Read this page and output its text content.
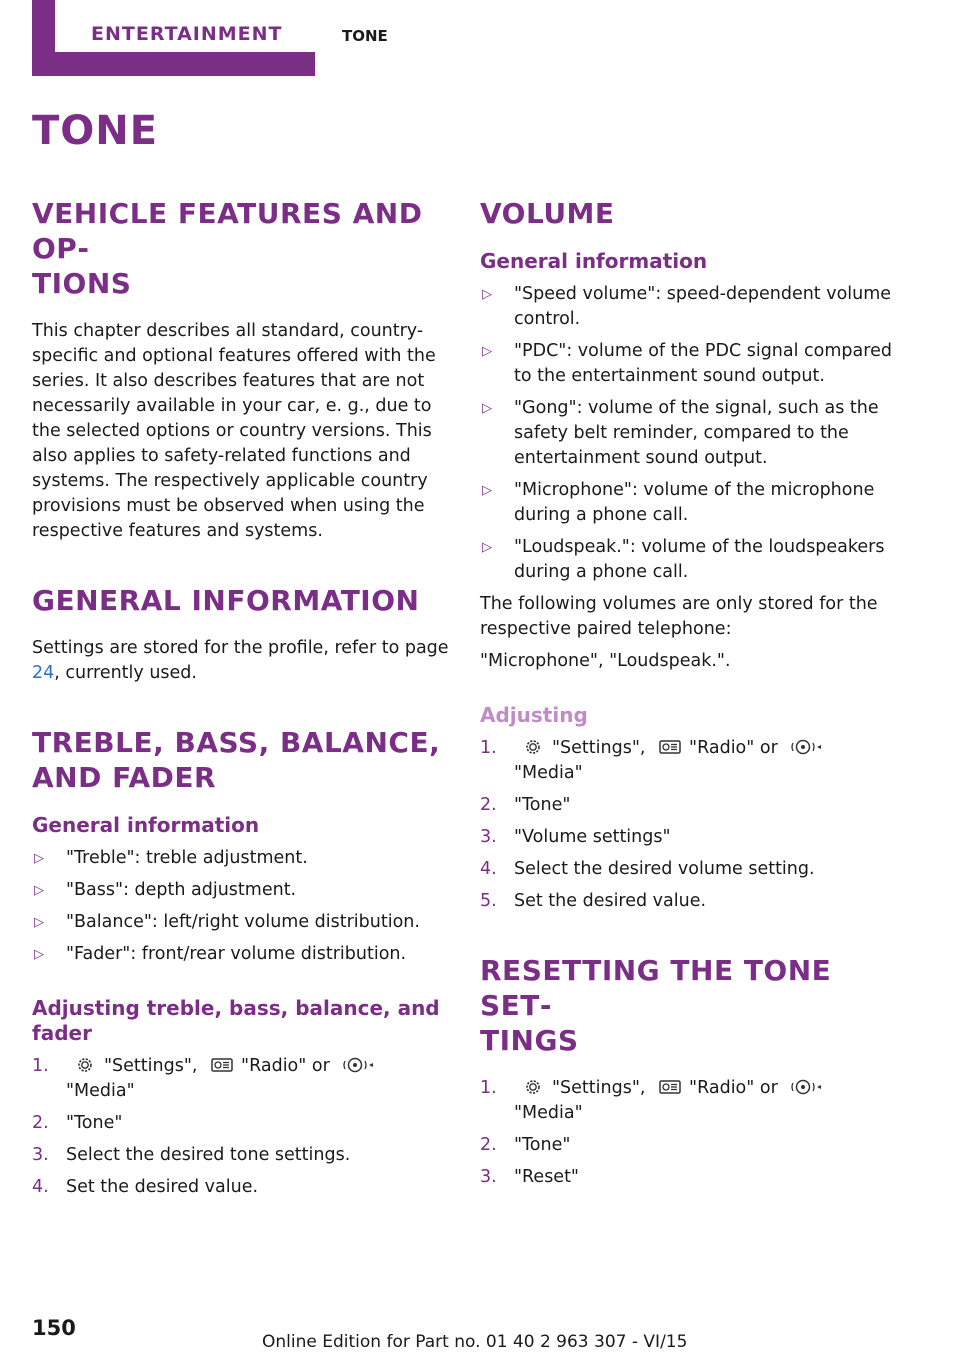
ENTERTAINMENT	TONE
TONE
VEHICLE FEATURES AND OP‐
TIONS

This chapter describes all standard, country-specific and optional features offered with the series. It also describes features that are not necessarily available in your car, e. g., due to the selected options or country versions. This also applies to safety-related functions and systems. The respectively applicable country provisions must be observed when using the respective features and systems.

GENERAL INFORMATION

Settings are stored for the profile, refer to page 24, currently used.

TREBLE, BASS, BALANCE,
AND FADER
General information
▷ "Treble": treble adjustment.
▷ "Bass": depth adjustment.
▷ "Balance": left/right volume distribution.
▷ "Fader": front/rear volume distribution.
Adjusting treble, bass, balance, and fader
1.	"Settings", "Radio" or
"Media"
2. "Tone"
3. Select the desired tone settings.
4. Set the desired value.
VOLUME
General information
▷ "Speed volume": speed-dependent volume control.
▷ "PDC": volume of the PDC signal compared to the entertainment sound output.
▷ "Gong": volume of the signal, such as the safety belt reminder, compared to the entertainment sound output.
▷ "Microphone": volume of the microphone during a phone call.
▷ "Loudspeak.": volume of the loudspeakers during a phone call.

The following volumes are only stored for the respective paired telephone:

"Microphone", "Loudspeak.".

Adjusting
1.	"Settings", "Radio" or
"Media"
2. "Tone"
3. "Volume settings"
4. Select the desired volume setting.
5. Set the desired value.
RESETTING THE TONE SET‐
TINGS
1.	"Settings", "Radio" or
"Media"
2. "Tone"
3. "Reset"
150
Online Edition for Part no. 01 40 2 963 307 - VI/15
